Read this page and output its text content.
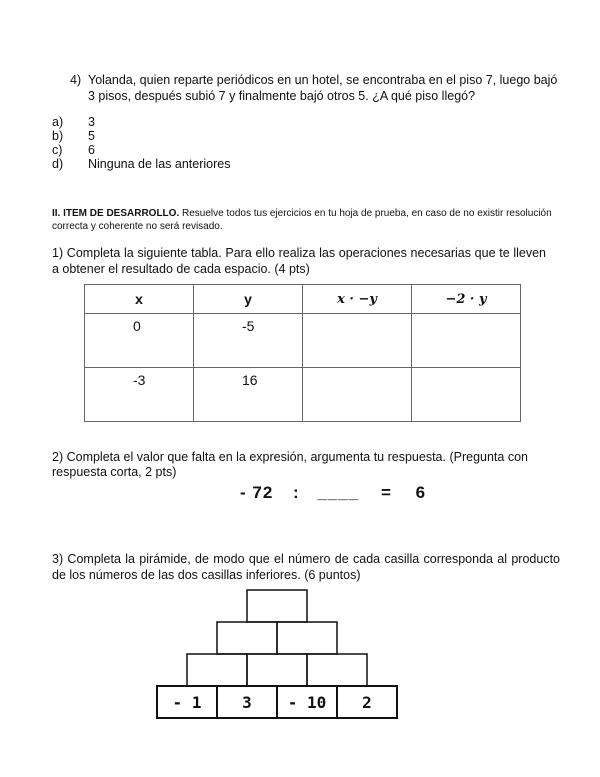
4) Yolanda, quien reparte periódicos en un hotel, se encontraba en el piso 7, luego bajó 3 pisos, después subió 7 y finalmente bajó otros 5. ¿A qué piso llegó?
a)	3
b)	5
c)	6
d)	Ninguna de las anteriores
II. ITEM DE DESARROLLO. Resuelve todos tus ejercicios en tu hoja de prueba, en caso de no existir resolución correcta y coherente no será revisado.
1) Completa la siguiente tabla. Para ello realiza las operaciones necesarias que te lleven a obtener el resultado de cada espacio. (4 pts)
x	y	x · −y	−2 · y
0	-5		
-3	16		
2) Completa el valor que falta en la expresión, argumenta tu respuesta. (Pregunta con respuesta corta, 2 pts)
- 72 : ____ = 6
3) Completa la pirámide, de modo que el número de cada casilla corresponda al producto de los números de las dos casillas inferiores. (6 puntos)
- 1	3 - 10 2
